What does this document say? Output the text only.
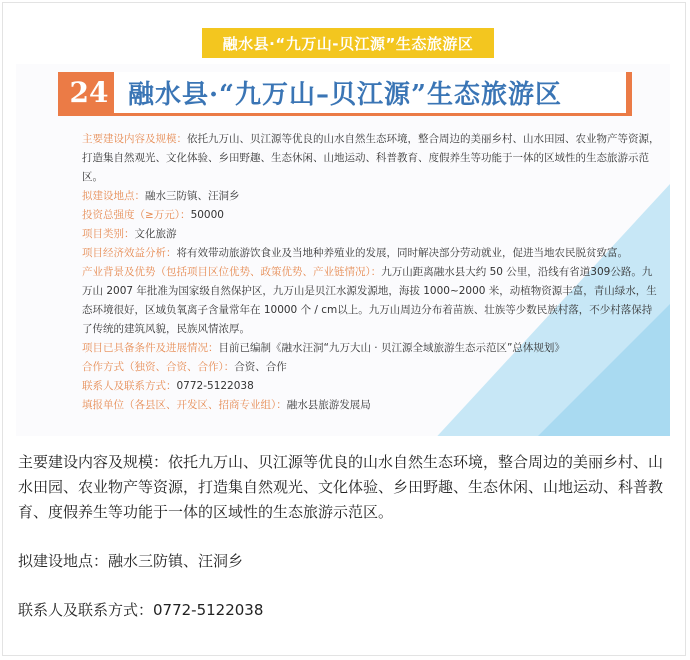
融水县·“九万山-贝江源”生态旅游区
24 融水县·“九万山–贝江源”生态旅游区

主要建设内容及规模：依托九万山、贝江源等优良的山水自然生态环境，整合周边的美丽乡村、山水田园、农业物产等资源，打造集自然观光、文化体验、乡田野趣、生态休闲、山地运动、科普教育、度假养生等功能于一体的区域性的生态旅游示范区。

拟建设地点：融水三防镇、汪洞乡

投资总强度（≥万元）：50000

项目类别：文化旅游

项目经济效益分析：将有效带动旅游饮食业及当地种养殖业的发展，同时解决部分劳动就业，促进当地农民脱贫致富。

产业背景及优势（包括项目区位优势、政策优势、产业链情况）：九万山距离融水县大约 50 公里，沿线有省道309公路。九万山 2007 年批准为国家级自然保护区，九万山是贝江水源发源地，海拔 1000~2000 米，动植物资源丰富，青山绿水，生态环境很好，区域负氧离子含量常年在 10000 个 / cm以上。九万山周边分布着苗族、壮族等少数民族村落，不少村落保持了传统的建筑风貌，民族风情浓厚。

项目已具备条件及进展情况：目前已编制《融水汪洞“九万大山 · 贝江源全域旅游生态示范区”总体规划》

合作方式（独资、合资、合作）：合资、合作

联系人及联系方式：0772-5122038

填报单位（各县区、开发区、招商专业组）：融水县旅游发展局

主要建设内容及规模：依托九万山、贝江源等优良的山水自然生态环境，整合周边的美丽乡村、山水田园、农业物产等资源，打造集自然观光、文化体验、乡田野趣、生态休闲、山地运动、科普教育、度假养生等功能于一体的区域性的生态旅游示范区。

拟建设地点：融水三防镇、汪洞乡

联系人及联系方式：0772-5122038
